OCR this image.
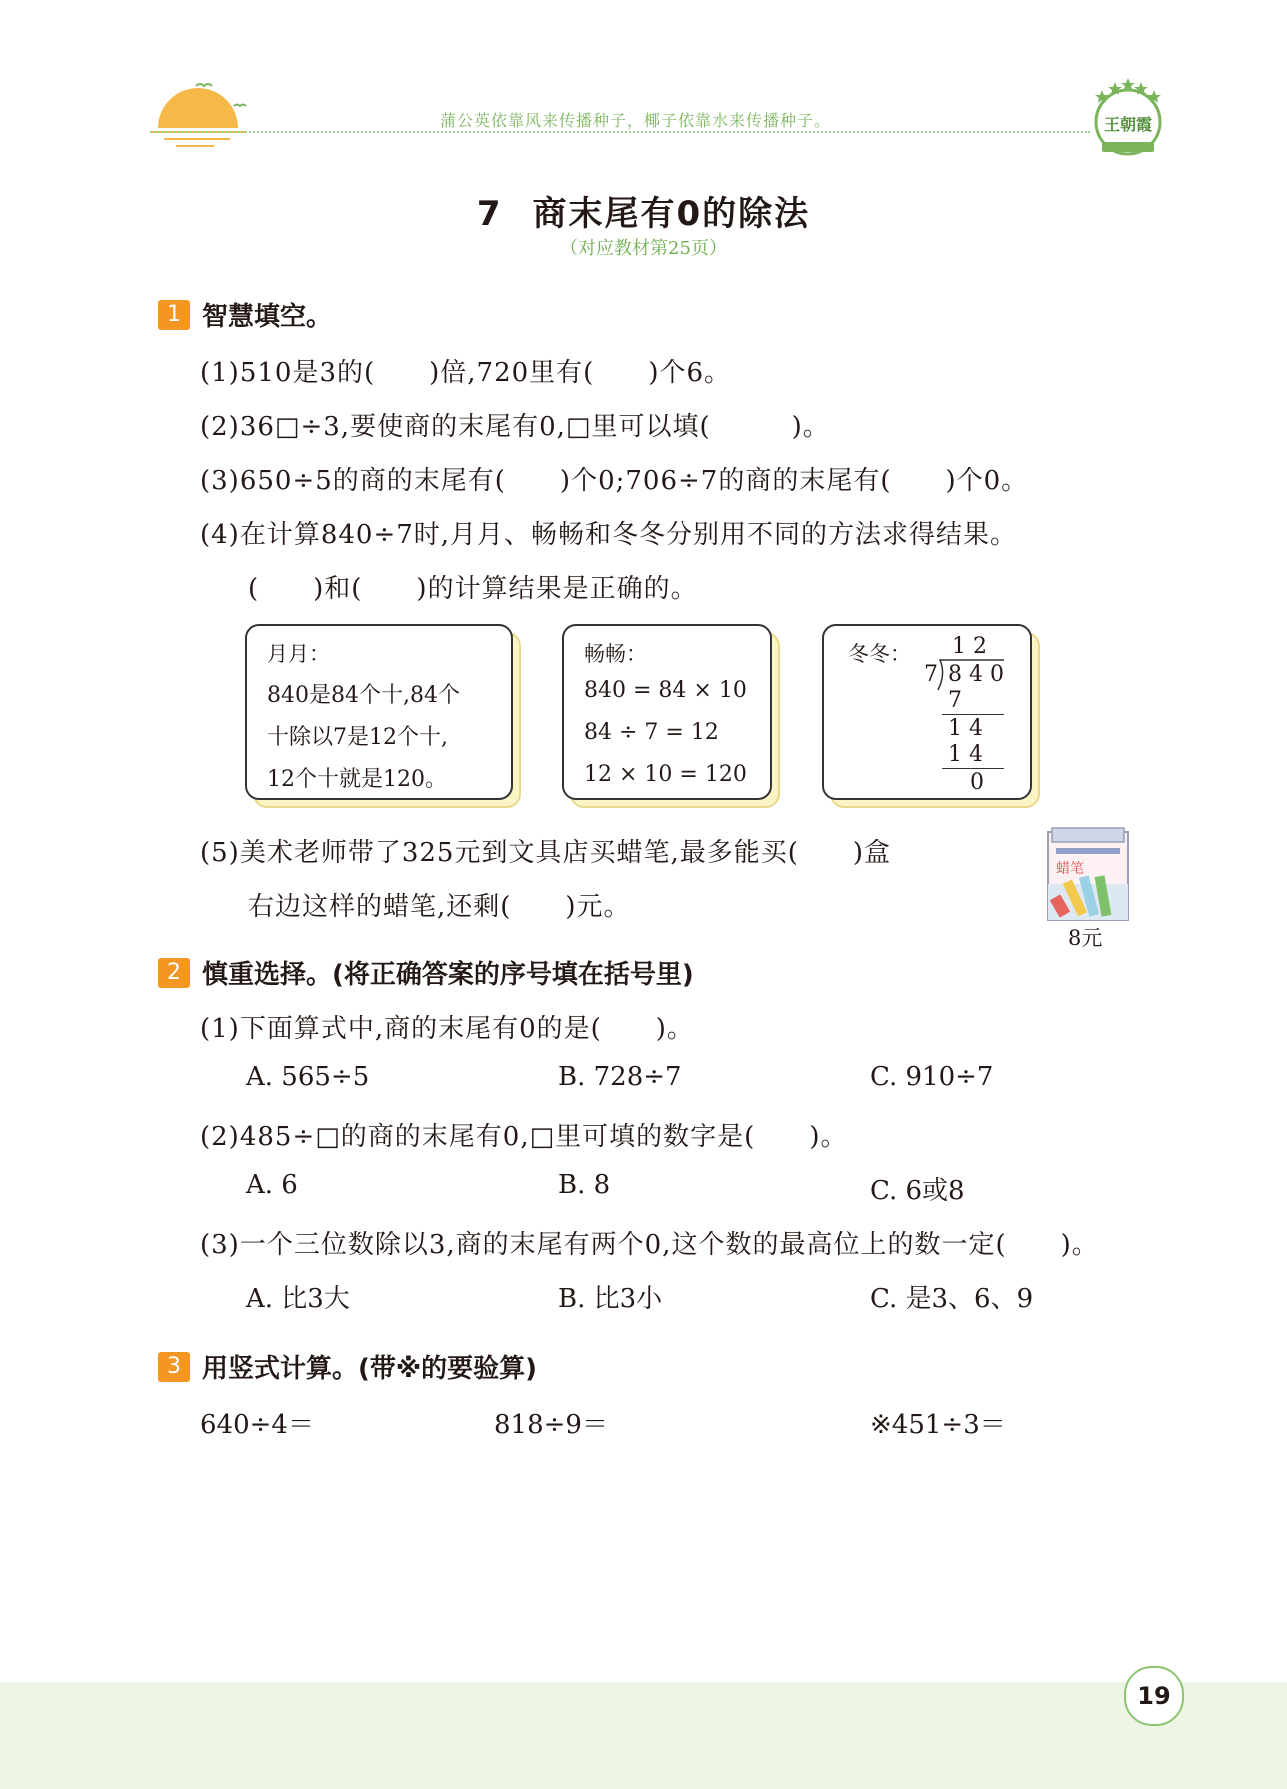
蒲公英依靠风来传播种子，椰子依靠水来传播种子。	王朝霞
7 商末尾有0的除法
（对应教材第25页）
1 智慧填空。
(1)510是3的(　　)倍,720里有(　　)个6。
(2)36□÷3,要使商的末尾有0,□里可以填(　　　)。
(3)650÷5的商的末尾有(　　)个0;706÷7的商的末尾有(　　)个0。
(4)在计算840÷7时,月月、畅畅和冬冬分别用不同的方法求得结果。
(　　)和(　　)的计算结果是正确的。
月月：
840是84个十,84个
十除以7是12个十,
12个十就是120。
畅畅：
840 = 84 × 10
84 ÷ 7 = 12
12 × 10 = 120
冬冬： 1 2
7 8 4 0
7
1 4
1 4
0
(5)美术老师带了325元到文具店买蜡笔,最多能买(　　)盒
右边这样的蜡笔,还剩(　　)元。
蜡笔
8元
2 慎重选择。(将正确答案的序号填在括号里)
(1)下面算式中,商的末尾有0的是(　　)。
A. 565÷5	B. 728÷7	C. 910÷7
(2)485÷□的商的末尾有0,□里可填的数字是(　　)。
A. 6	B. 8	C. 6或8
(3)一个三位数除以3,商的末尾有两个0,这个数的最高位上的数一定(　　)。
A. 比3大	B. 比3小	C. 是3、6、9
3 用竖式计算。(带※的要验算)
640÷4＝	818÷9＝	※451÷3＝
19
